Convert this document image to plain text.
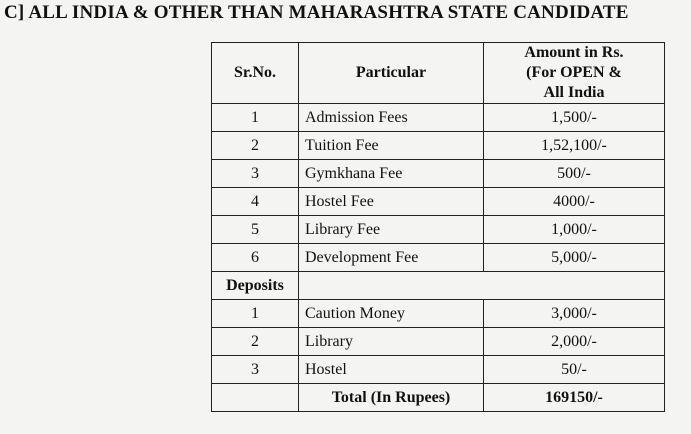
C] ALL INDIA & OTHER THAN MAHARASHTRA STATE CANDIDATE
Sr.No.	Particular	Amount in Rs.
(For OPEN &
All India

1	Admission Fees	1,500/-
2	Tuition Fee	1,52,100/-
3	Gymkhana Fee	500/-
4	Hostel Fee	4000/-
5	Library Fee	1,000/-
6	Development Fee	5,000/-
Deposits		
1	Caution Money	3,000/-
2	Library	2,000/-
3	Hostel	50/-
	Total (In Rupees)	169150/-
